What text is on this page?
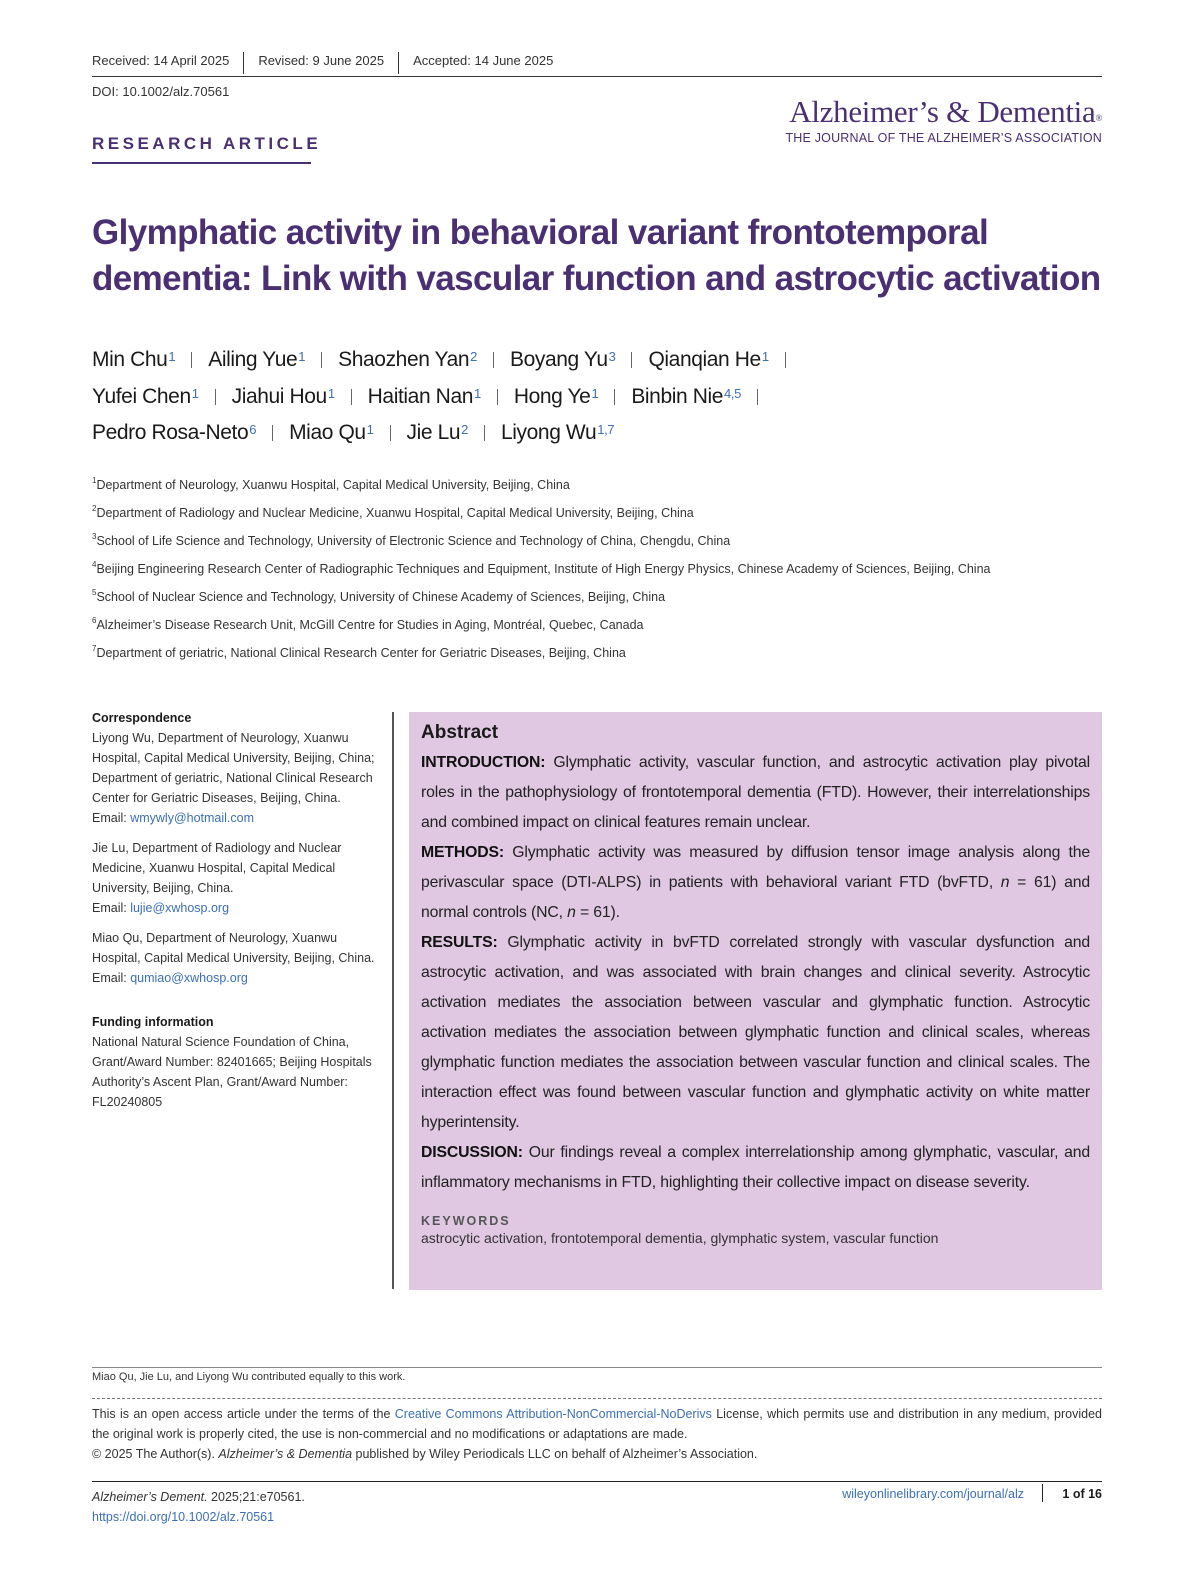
Received: 14 April 2025	Revised: 9 June 2025	Accepted: 14 June 2025
DOI: 10.1002/alz.70561
RESEARCH ARTICLE
Alzheimer’s & Dementia®
THE JOURNAL OF THE ALZHEIMER’S ASSOCIATION
Glymphatic activity in behavioral variant frontotemporal dementia: Link with vascular function and astrocytic activation
Min Chu$^1$ Ailing Yue$^1$ Shaozhen Yan$^2$ Boyang Yu$^3$ Qianqian He$^1$
Yufei Chen$^1$ Jiahui Hou$^1$ Haitian Nan$^1$ Hong Ye$^1$ Binbin Nie$^{4,5}$
Pedro Rosa-Neto$^6$ Miao Qu$^1$ Jie Lu$^2$ Liyong Wu$^{1,7}$
$^1$Department of Neurology, Xuanwu Hospital, Capital Medical University, Beijing, China
$^2$Department of Radiology and Nuclear Medicine, Xuanwu Hospital, Capital Medical University, Beijing, China
$^3$School of Life Science and Technology, University of Electronic Science and Technology of China, Chengdu, China
$^4$Beijing Engineering Research Center of Radiographic Techniques and Equipment, Institute of High Energy Physics, Chinese Academy of Sciences, Beijing, China
$^5$School of Nuclear Science and Technology, University of Chinese Academy of Sciences, Beijing, China
$^6$Alzheimer’s Disease Research Unit, McGill Centre for Studies in Aging, Montréal, Quebec, Canada
$^7$Department of geriatric, National Clinical Research Center for Geriatric Diseases, Beijing, China
Correspondence
Liyong Wu, Department of Neurology, Xuanwu Hospital, Capital Medical University, Beijing, China; Department of geriatric, National Clinical Research Center for Geriatric Diseases, Beijing, China.
Email: wmywly@hotmail.com
Jie Lu, Department of Radiology and Nuclear Medicine, Xuanwu Hospital, Capital Medical University, Beijing, China.
Email: lujie@xwhosp.org
Miao Qu, Department of Neurology, Xuanwu Hospital, Capital Medical University, Beijing, China.
Email: qumiao@xwhosp.org
Funding information
National Natural Science Foundation of China, Grant/Award Number: 82401665; Beijing Hospitals Authority’s Ascent Plan, Grant/Award Number: FL20240805
Abstract

INTRODUCTION: Glymphatic activity, vascular function, and astrocytic activation play pivotal roles in the pathophysiology of frontotemporal dementia (FTD). However, their interrelationships and combined impact on clinical features remain unclear.

METHODS: Glymphatic activity was measured by diffusion tensor image analysis along the perivascular space (DTI-ALPS) in patients with behavioral variant FTD (bvFTD, n = 61) and normal controls (NC, n = 61).

RESULTS: Glymphatic activity in bvFTD correlated strongly with vascular dysfunction and astrocytic activation, and was associated with brain changes and clinical severity. Astrocytic activation mediates the association between vascular and glymphatic function. Astrocytic activation mediates the association between glymphatic function and clinical scales, whereas glymphatic function mediates the association between vascular function and clinical scales. The interaction effect was found between vascular function and glymphatic activity on white matter hyperintensity.

DISCUSSION: Our findings reveal a complex interrelationship among glymphatic, vascular, and inflammatory mechanisms in FTD, highlighting their collective impact on disease severity.

KEYWORDS
astrocytic activation, frontotemporal dementia, glymphatic system, vascular function
Miao Qu, Jie Lu, and Liyong Wu contributed equally to this work.
This is an open access article under the terms of the Creative Commons Attribution-NonCommercial-NoDerivs License, which permits use and distribution in any medium, provided the original work is properly cited, the use is non-commercial and no modifications or adaptations are made.
© 2025 The Author(s). Alzheimer’s & Dementia published by Wiley Periodicals LLC on behalf of Alzheimer’s Association.
Alzheimer’s Dement. 2025;21:e70561.
https://doi.org/10.1002/alz.70561
wileyonlinelibrary.com/journal/alz	1 of 16
